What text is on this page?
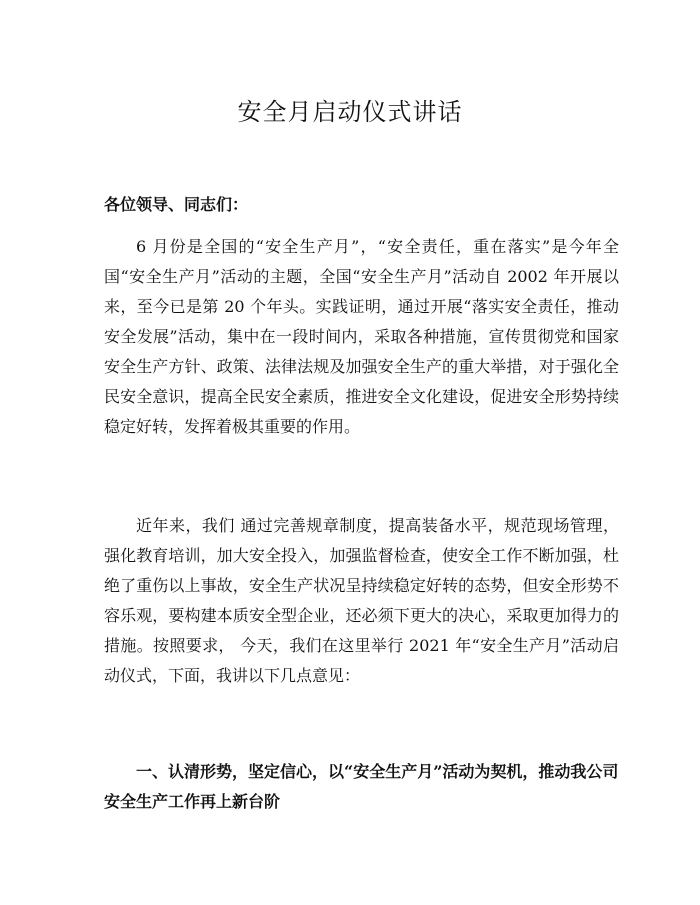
安全月启动仪式讲话
各位领导、同志们：
6 月份是全国的“安全生产月”，“安全责任，重在落实”是今年全国“安全生产月”活动的主题，全国“安全生产月”活动自 2002 年开展以来，至今已是第 20 个年头。实践证明，通过开展“落实安全责任，推动安全发展”活动，集中在一段时间内，采取各种措施，宣传贯彻党和国家安全生产方针、政策、法律法规及加强安全生产的重大举措，对于强化全民安全意识，提高全民安全素质，推进安全文化建设，促进安全形势持续稳定好转，发挥着极其重要的作用。
近年来，我们 通过完善规章制度，提高装备水平，规范现场管理，强化教育培训，加大安全投入，加强监督检查，使安全工作不断加强，杜绝了重伤以上事故，安全生产状况呈持续稳定好转的态势，但安全形势不容乐观，要构建本质安全型企业，还必须下更大的决心，采取更加得力的措施。按照要求， 今天，我们在这里举行 2021 年“安全生产月”活动启动仪式，下面，我讲以下几点意见：
一、认清形势，坚定信心，以“安全生产月”活动为契机，推动我公司安全生产工作再上新台阶
